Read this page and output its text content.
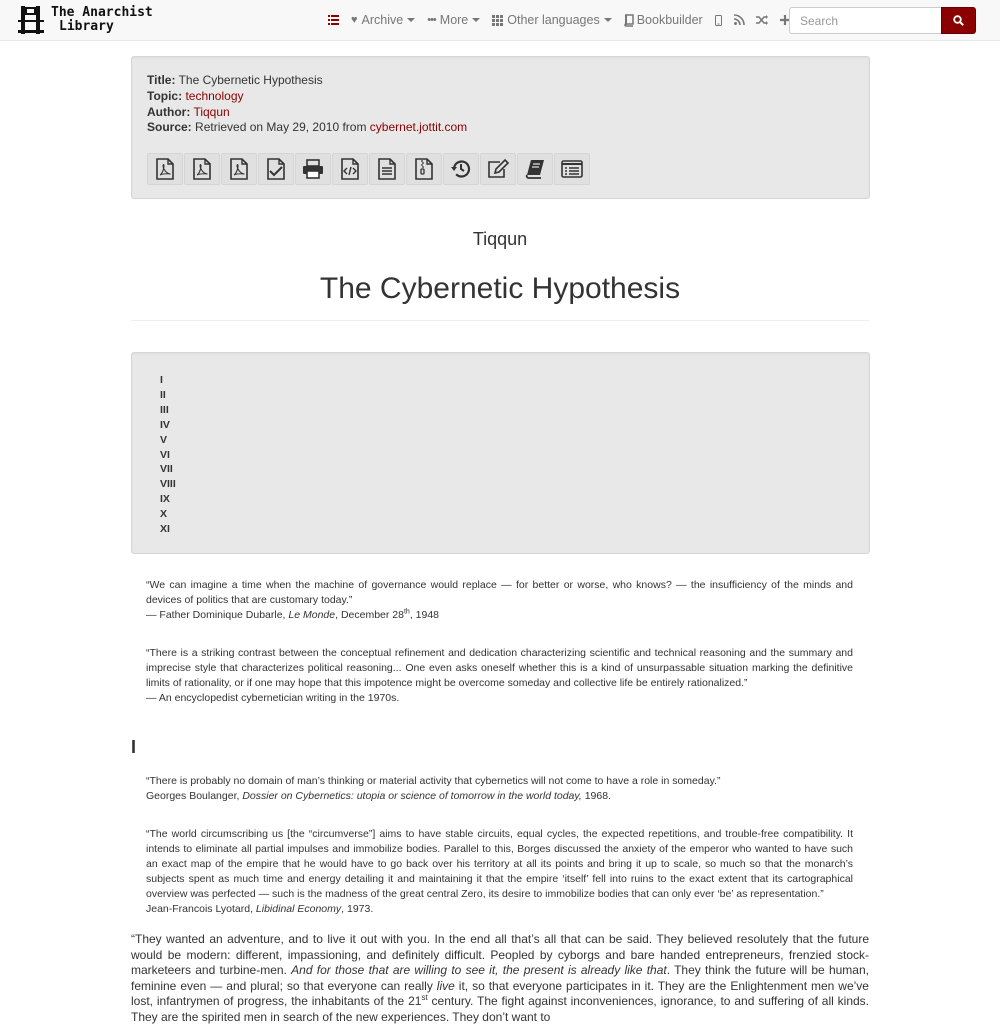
The Anarchist
Library	♥ Archive ••• More	Other languages	Bookbuilder
Search
Title: The Cybernetic Hypothesis
Topic: technology
Author: Tiqqun
Source: Retrieved on May 29, 2010 from cybernet.jottit.com
Tiqqun
The Cybernetic Hypothesis
I
II
III
IV
V
VI
VII
VIII
IX
X
XI
“We can imagine a time when the machine of governance would replace — for better or worse, who knows? — the insufficiency of the minds and devices of politics that are customary today.”
— Father Dominique Dubarle, Le Monde, December 28th, 1948
“There is a striking contrast between the conceptual refinement and dedication characterizing scientific and technical reasoning and the summary and imprecise style that characterizes political reasoning... One even asks oneself whether this is a kind of unsurpassable situation marking the definitive limits of rationality, or if one may hope that this impotence might be overcome someday and collective life be entirely rationalized.”
— An encyclopedist cybernetician writing in the 1970s.
I
“There is probably no domain of man’s thinking or material activity that cybernetics will not come to have a role in someday.”
Georges Boulanger, Dossier on Cybernetics: utopia or science of tomorrow in the world today, 1968.
“The world circumscribing us [the “circumverse”] aims to have stable circuits, equal cycles, the expected repetitions, and trouble-free compatibility. It intends to eliminate all partial impulses and immobilize bodies. Parallel to this, Borges discussed the anxiety of the emperor who wanted to have such an exact map of the empire that he would have to go back over his territory at all its points and bring it up to scale, so much so that the monarch’s subjects spent as much time and energy detailing it and maintaining it that the empire ‘itself’ fell into ruins to the exact extent that its cartographical overview was perfected — such is the madness of the great central Zero, its desire to immobilize bodies that can only ever ‘be’ as representation.”
Jean-Francois Lyotard, Libidinal Economy, 1973.
“They wanted an adventure, and to live it out with you. In the end all that’s all that can be said. They believed resolutely that the future would be modern: different, impassioning, and definitely difficult. Peopled by cyborgs and bare handed entrepreneurs, frenzied stock-marketeers and turbine-men. And for those that are willing to see it, the present is already like that. They think the future will be human, feminine even — and plural; so that everyone can really live it, so that everyone participates in it. They are the Enlightenment men we’ve lost, infantrymen of progress, the inhabitants of the 21st century. The fight against inconveniences, ignorance, to and suffering of all kinds. They are the spirited men in search of the new experiences. They don’t want to
